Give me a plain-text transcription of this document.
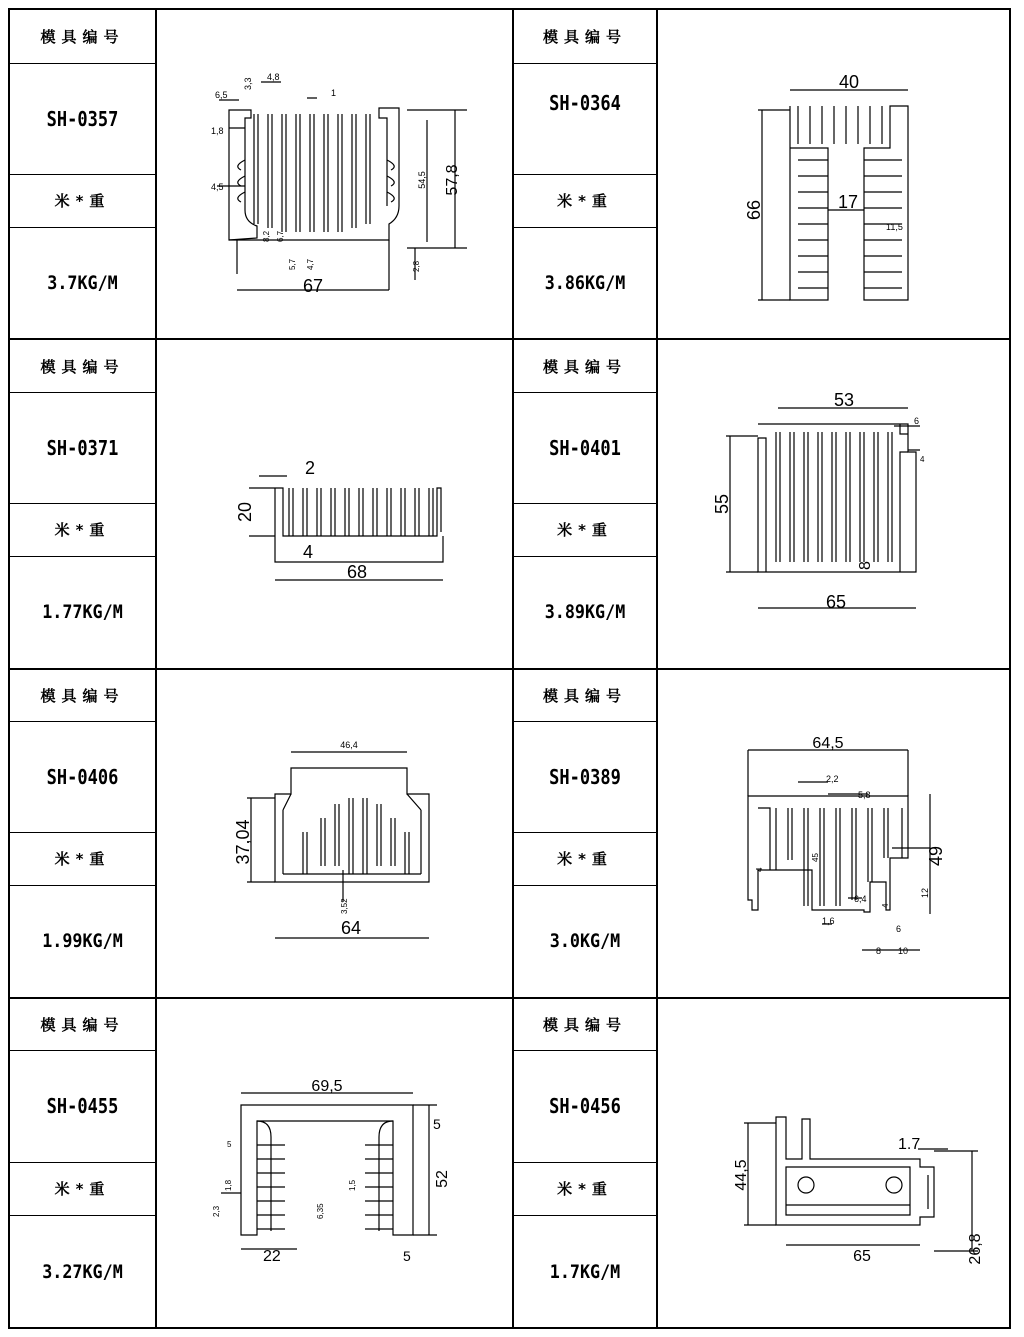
模具编号
SH-0357
米*重
3.7KG/M
模具编号
SH-0364
米*重
3.86KG/M
模具编号
SH-0371
米*重
1.77KG/M
模具编号
SH-0401
米*重
3.89KG/M
模具编号
SH-0406
米*重
1.99KG/M
模具编号
SH-0389
米*重
3.0KG/M
模具编号
SH-0455
米*重
3.27KG/M
模具编号
SH-0456
米*重
1.7KG/M
67
57,8
54,5
6,5
3,3
4,8
1
1,8
4,5
8,2 6,7
5,7 4,7	2,8
40
66	17
11,5
68
20
2
4
53
65
55
6
4
8
46,4
64
37,04
3,52
64,5
2,2
5,8
45
6,4
1,6
4
4
12
6
8 10
49
69,5
52
5
5
5
1,8	1,5
2,3	6,35
22
44,5
1.7
65	26,8
